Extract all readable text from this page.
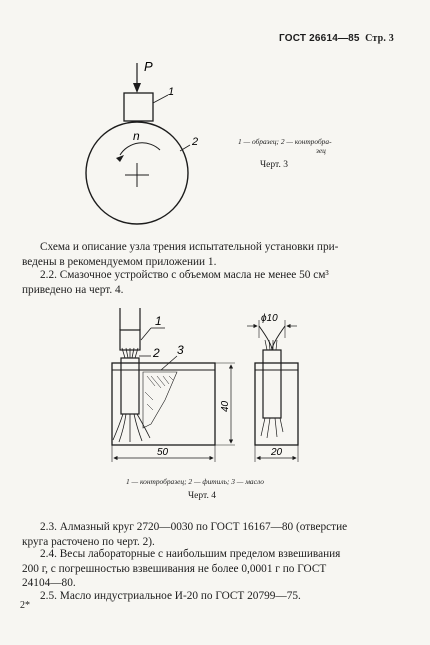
ГОСТ 26614—85 Стр. 3
P
n
1
2	1 — образец; 2 — контробра-
зец
Черт. 3
Схема и описание узла трения испытательной установки при-
ведены в рекомендуемом приложении 1.
2.2. Смазочное устройство с объемом масла не менее 50 см³
приведено на черт. 4.
1
2 3
40
50
ϕ10
20
1 — контробразец; 2 — фитиль; 3 — масло
Черт. 4
2.3. Алмазный круг 2720—0030 по ГОСТ 16167—80 (отверстие
круга расточено по черт. 2).
2.4. Весы лабораторные с наибольшим пределом взвешивания
200 г, с погрешностью взвешивания не более 0,0001 г по ГОСТ
24104—80.
2.5. Масло индустриальное И-20 по ГОСТ 20799—75.
2*
